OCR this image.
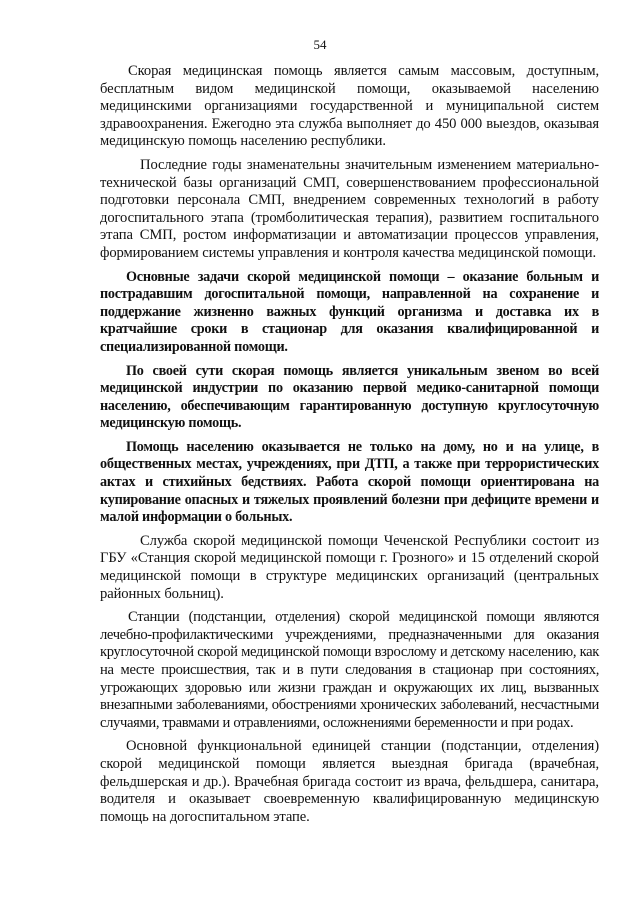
54

Скорая медицинская помощь является самым массовым, доступным, бесплатным видом медицинской помощи, оказываемой населению медицинскими организациями государственной и муниципальной систем здравоохранения. Ежегодно эта служба выполняет до 450 000 выездов, оказывая медицинскую помощь населению республики.

Последние годы знаменательны значительным изменением материально-технической базы организаций СМП, совершенствованием профессиональной подготовки персонала СМП, внедрением современных технологий в работу догоспитального этапа (тромболитическая терапия), развитием госпитального этапа СМП, ростом информатизации и автоматизации процессов управления, формированием системы управления и контроля качества медицинской помощи.

Основные задачи скорой медицинской помощи – оказание больным и пострадавшим догоспитальной помощи, направленной на сохранение и поддержание жизненно важных функций организма и доставка их в кратчайшие сроки в стационар для оказания квалифицированной и специализированной помощи.

По своей сути скорая помощь является уникальным звеном во всей медицинской индустрии по оказанию первой медико-санитарной помощи населению, обеспечивающим гарантированную доступную круглосуточную медицинскую помощь.

Помощь населению оказывается не только на дому, но и на улице, в общественных местах, учреждениях, при ДТП, а также при террористических актах и стихийных бедствиях. Работа скорой помощи ориентирована на купирование опасных и тяжелых проявлений болезни при дефиците времени и малой информации о больных.

Служба скорой медицинской помощи Чеченской Республики состоит из ГБУ «Станция скорой медицинской помощи г. Грозного» и 15 отделений скорой медицинской помощи в структуре медицинских организаций (центральных районных больниц).

Станции (подстанции, отделения) скорой медицинской помощи являются лечебно-профилактическими учреждениями, предназначенными для оказания круглосуточной скорой медицинской помощи взрослому и детскому населению, как на месте происшествия, так и в пути следования в стационар при состояниях, угрожающих здоровью или жизни граждан и окружающих их лиц, вызванных внезапными заболеваниями, обострениями хронических заболеваний, несчастными случаями, травмами и отравлениями, осложнениями беременности и при родах.

Основной функциональной единицей станции (подстанции, отделения) скорой медицинской помощи является выездная бригада (врачебная, фельдшерская и др.). Врачебная бригада состоит из врача, фельдшера, санитара, водителя и оказывает своевременную квалифицированную медицинскую помощь на догоспитальном этапе.
